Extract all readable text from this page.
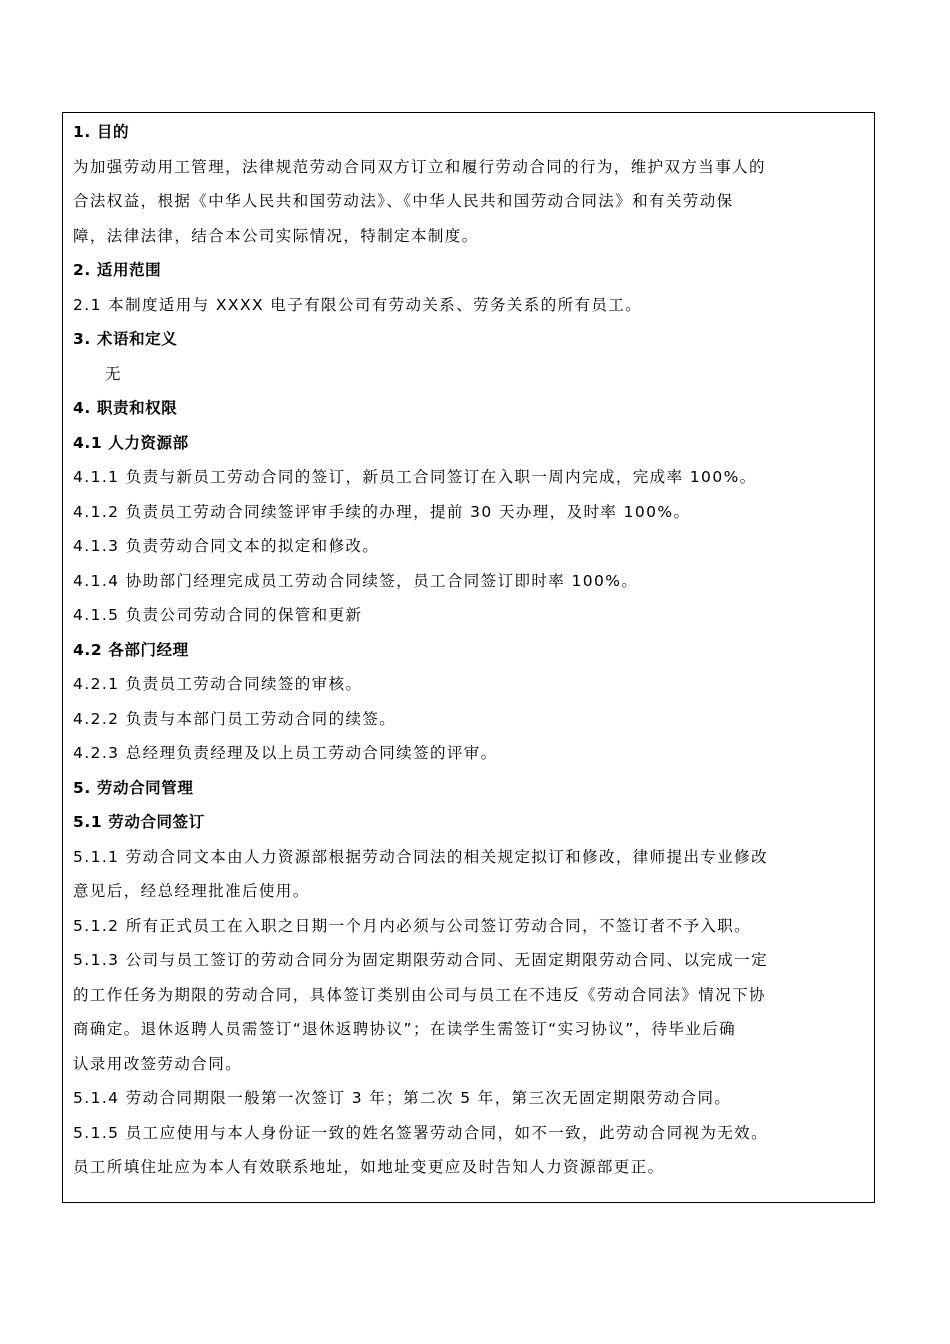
1. 目的

为加强劳动用工管理，法律规范劳动合同双方订立和履行劳动合同的行为，维护双方当事人的

合法权益，根据《中华人民共和国劳动法》、《中华人民共和国劳动合同法》和有关劳动保

障，法律法律，结合本公司实际情况，特制定本制度。

2. 适用范围

2.1 本制度适用与 XXXX 电子有限公司有劳动关系、劳务关系的所有员工。

3. 术语和定义

无

4. 职责和权限

4.1 人力资源部

4.1.1 负责与新员工劳动合同的签订，新员工合同签订在入职一周内完成，完成率 100%。

4.1.2 负责员工劳动合同续签评审手续的办理，提前 30 天办理，及时率 100%。

4.1.3 负责劳动合同文本的拟定和修改。

4.1.4 协助部门经理完成员工劳动合同续签，员工合同签订即时率 100%。

4.1.5 负责公司劳动合同的保管和更新

4.2 各部门经理

4.2.1 负责员工劳动合同续签的审核。

4.2.2 负责与本部门员工劳动合同的续签。

4.2.3 总经理负责经理及以上员工劳动合同续签的评审。

5. 劳动合同管理

5.1 劳动合同签订

5.1.1 劳动合同文本由人力资源部根据劳动合同法的相关规定拟订和修改，律师提出专业修改

意见后，经总经理批准后使用。

5.1.2 所有正式员工在入职之日期一个月内必须与公司签订劳动合同，不签订者不予入职。

5.1.3 公司与员工签订的劳动合同分为固定期限劳动合同、无固定期限劳动合同、以完成一定

的工作任务为期限的劳动合同，具体签订类别由公司与员工在不违反《劳动合同法》情况下协

商确定。退休返聘人员需签订“退休返聘协议”；在读学生需签订“实习协议”，待毕业后确

认录用改签劳动合同。

5.1.4 劳动合同期限一般第一次签订 3 年；第二次 5 年，第三次无固定期限劳动合同。

5.1.5 员工应使用与本人身份证一致的姓名签署劳动合同，如不一致，此劳动合同视为无效。

员工所填住址应为本人有效联系地址，如地址变更应及时告知人力资源部更正。
